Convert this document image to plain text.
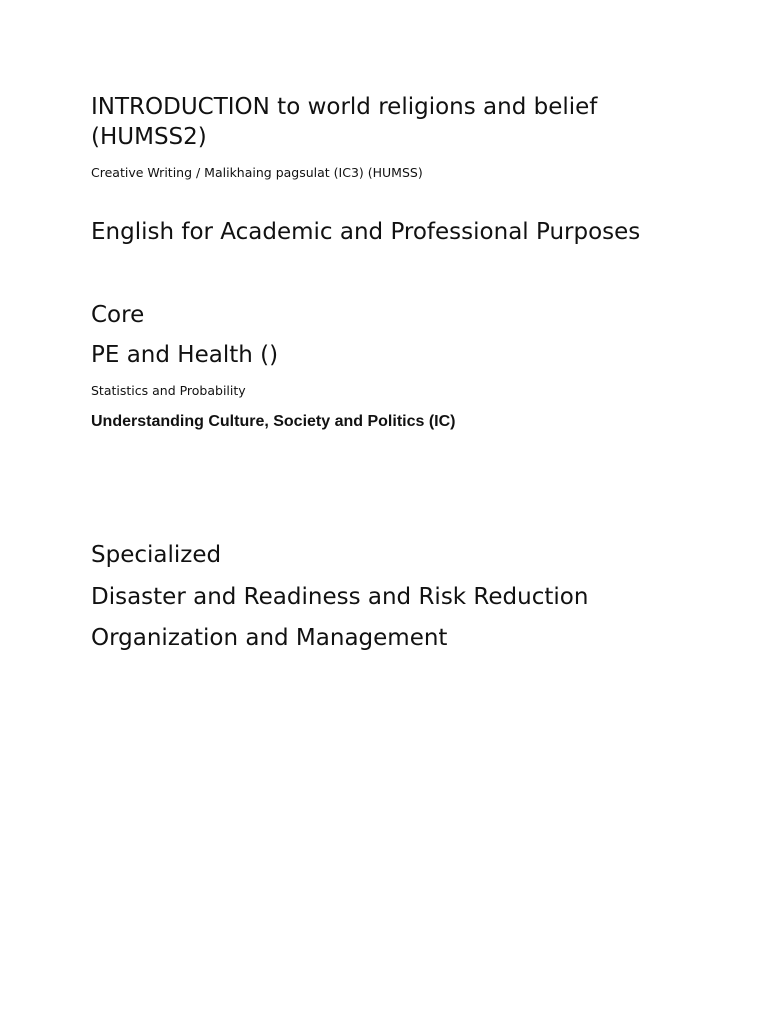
INTRODUCTION to world religions and belief

(HUMSS2)

Creative Writing / Malikhaing pagsulat (IC3) (HUMSS)

English for Academic and Professional Purposes

Core

PE and Health ()

Statistics and Probability

Understanding Culture, Society and Politics (IC)

Specialized

Disaster and Readiness and Risk Reduction

Organization and Management
